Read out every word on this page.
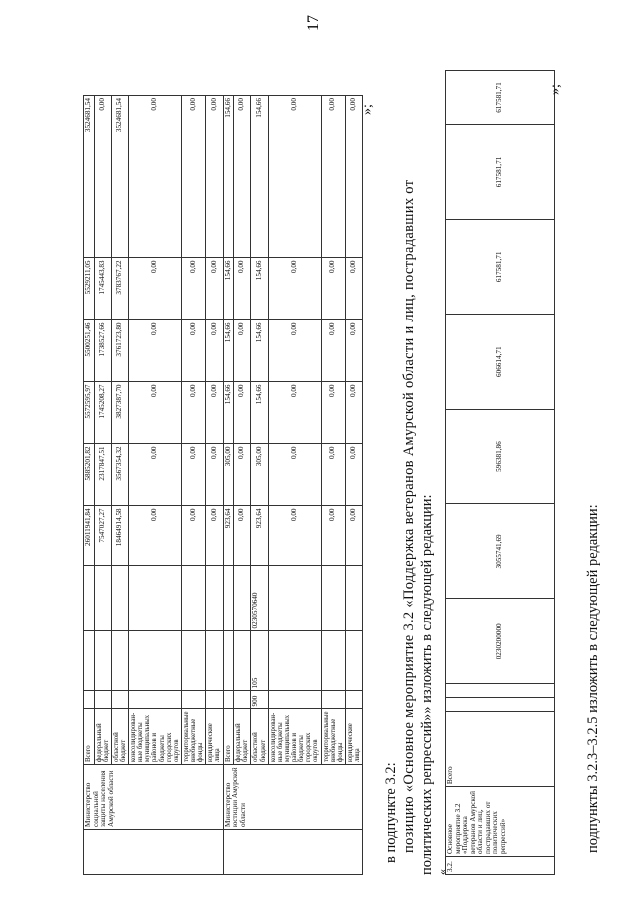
17
	Министерство социальной защиты населения Амурской области	Всего				26011941,84	5885201,82	5572595,97	5500251,46	5529211,05	3524681,54
		федеральный бюджет				7547027,27	2317847,51	1745208,27	1738527,66	1745443,83	0,00
		областной бюджет				18464914,58	3567354,32	3827387,70	3761723,80	3783767,22	3524681,54
		консолидирован-ные бюджеты муниципальных районов и бюджеты городских округов				0,00	0,00	0,00	0,00	0,00	0,00
		территориальные внебюджетные фонды				0,00	0,00	0,00	0,00	0,00	0,00
		юридические лица				0,00	0,00	0,00	0,00	0,00	0,00
	Министерство юстиции Амурской области	Всего				923,64	305,00	154,66	154,66	154,66	154,66
		федеральный бюджет				0,00	0,00	0,00	0,00	0,00	0,00
		областной бюджет	900	105	0230570640	923,64	305,00	154,66	154,66	154,66	154,66
		консолидирован-ные бюджеты муниципальных районов и бюджеты городских округов				0,00	0,00	0,00	0,00	0,00	0,00
		территориальные внебюджетные фонды				0,00	0,00	0,00	0,00	0,00	0,00
		юридические лица				0,00	0,00	0,00	0,00	0,00	0,00 »;
в подпункте 3.2: позицию «Основное мероприятие 3.2 «Поддержка ветеранов Амурской области и лиц, пострадавших от политических репрессий»» изложить в следующей редакции: «
3.2.	Основное мероприятие 3.2 «Поддержка ветеранов Амурской области и лиц, пострадавших от политических репрессий»	Всего			0230200000	3055741,69	596381,86	606614,71	617581,71	617581,71	617581,71	»;
подпункты 3.2.3–3.2.5 изложить в следующей редакции:
